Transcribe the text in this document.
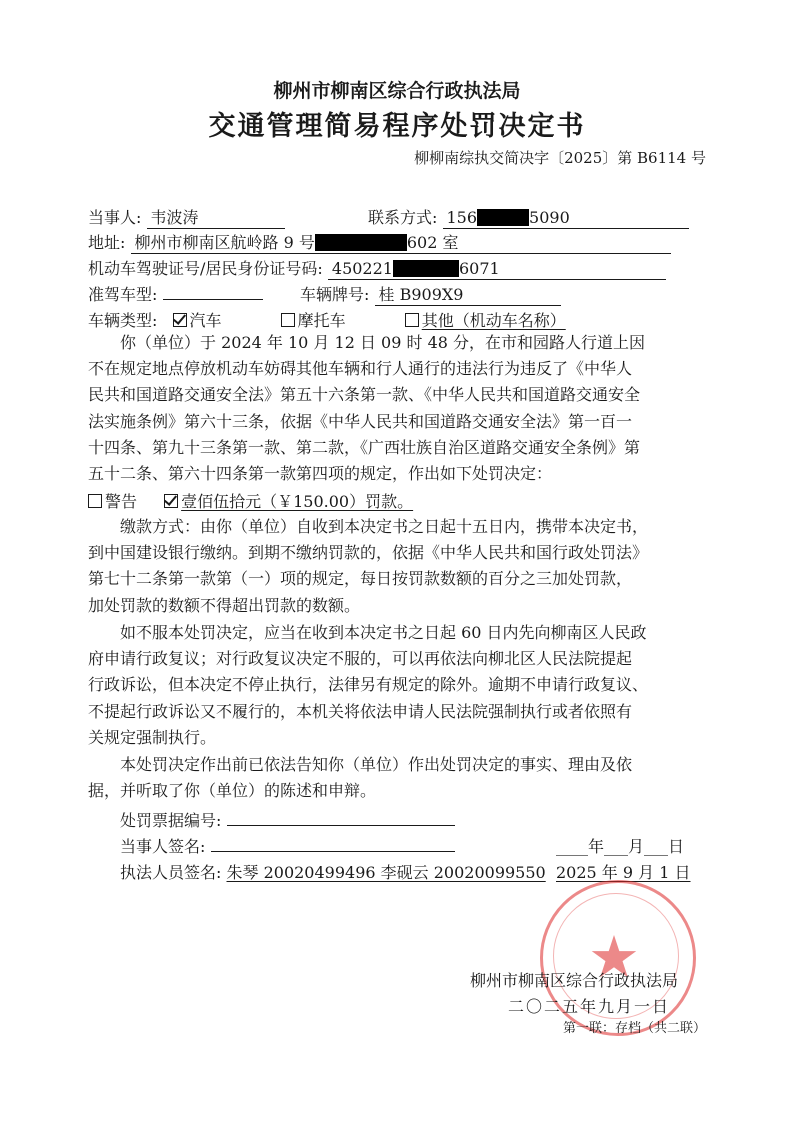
柳州市柳南区综合行政执法局
交通管理简易程序处罚决定书
柳柳南综执交简决字〔2025〕第 B6114 号
当事人: 韦波涛	联系方式: 156	5090
地址: 柳州市柳南区航岭路 9 号	602 室
机动车驾驶证号/居民身份证号码: 450221	6071
准驾车型:	车辆牌号: 桂 B909X9
车辆类型: 汽车	摩托车	其他（机动车名称）
你（单位）于 2024 年 10 月 12 日 09 时 48 分，在市和园路人行道上因
不在规定地点停放机动车妨碍其他车辆和行人通行的违法行为违反了《中华人
民共和国道路交通安全法》第五十六条第一款、《中华人民共和国道路交通安全
法实施条例》第六十三条，依据《中华人民共和国道路交通安全法》第一百一
十四条、第九十三条第一款、第二款，《广西壮族自治区道路交通安全条例》第
五十二条、第六十四条第一款第四项的规定，作出如下处罚决定：
警告	壹佰伍拾元（￥150.00）罚款。
缴款方式：由你（单位）自收到本决定书之日起十五日内，携带本决定书，
到中国建设银行缴纳。到期不缴纳罚款的，依据《中华人民共和国行政处罚法》
第七十二条第一款第（一）项的规定，每日按罚款数额的百分之三加处罚款，
加处罚款的数额不得超出罚款的数额。
如不服本处罚决定，应当在收到本决定书之日起 60 日内先向柳南区人民政
府申请行政复议；对行政复议决定不服的，可以再依法向柳北区人民法院提起
行政诉讼，但本决定不停止执行，法律另有规定的除外。逾期不申请行政复议、
不提起行政诉讼又不履行的，本机关将依法申请人民法院强制执行或者依照有
关规定强制执行。
本处罚决定作出前已依法告知你（单位）作出处罚决定的事实、理由及依
据，并听取了你（单位）的陈述和申辩。
处罚票据编号:
当事人签名:	____年___月___日
执法人员签名: 朱琴 20020499496 李砚云 20020099550 2025 年 9 月 1 日
★
柳州市柳南区综合行政执法局
二〇二五年九月一日
第一联：存档（共二联）
